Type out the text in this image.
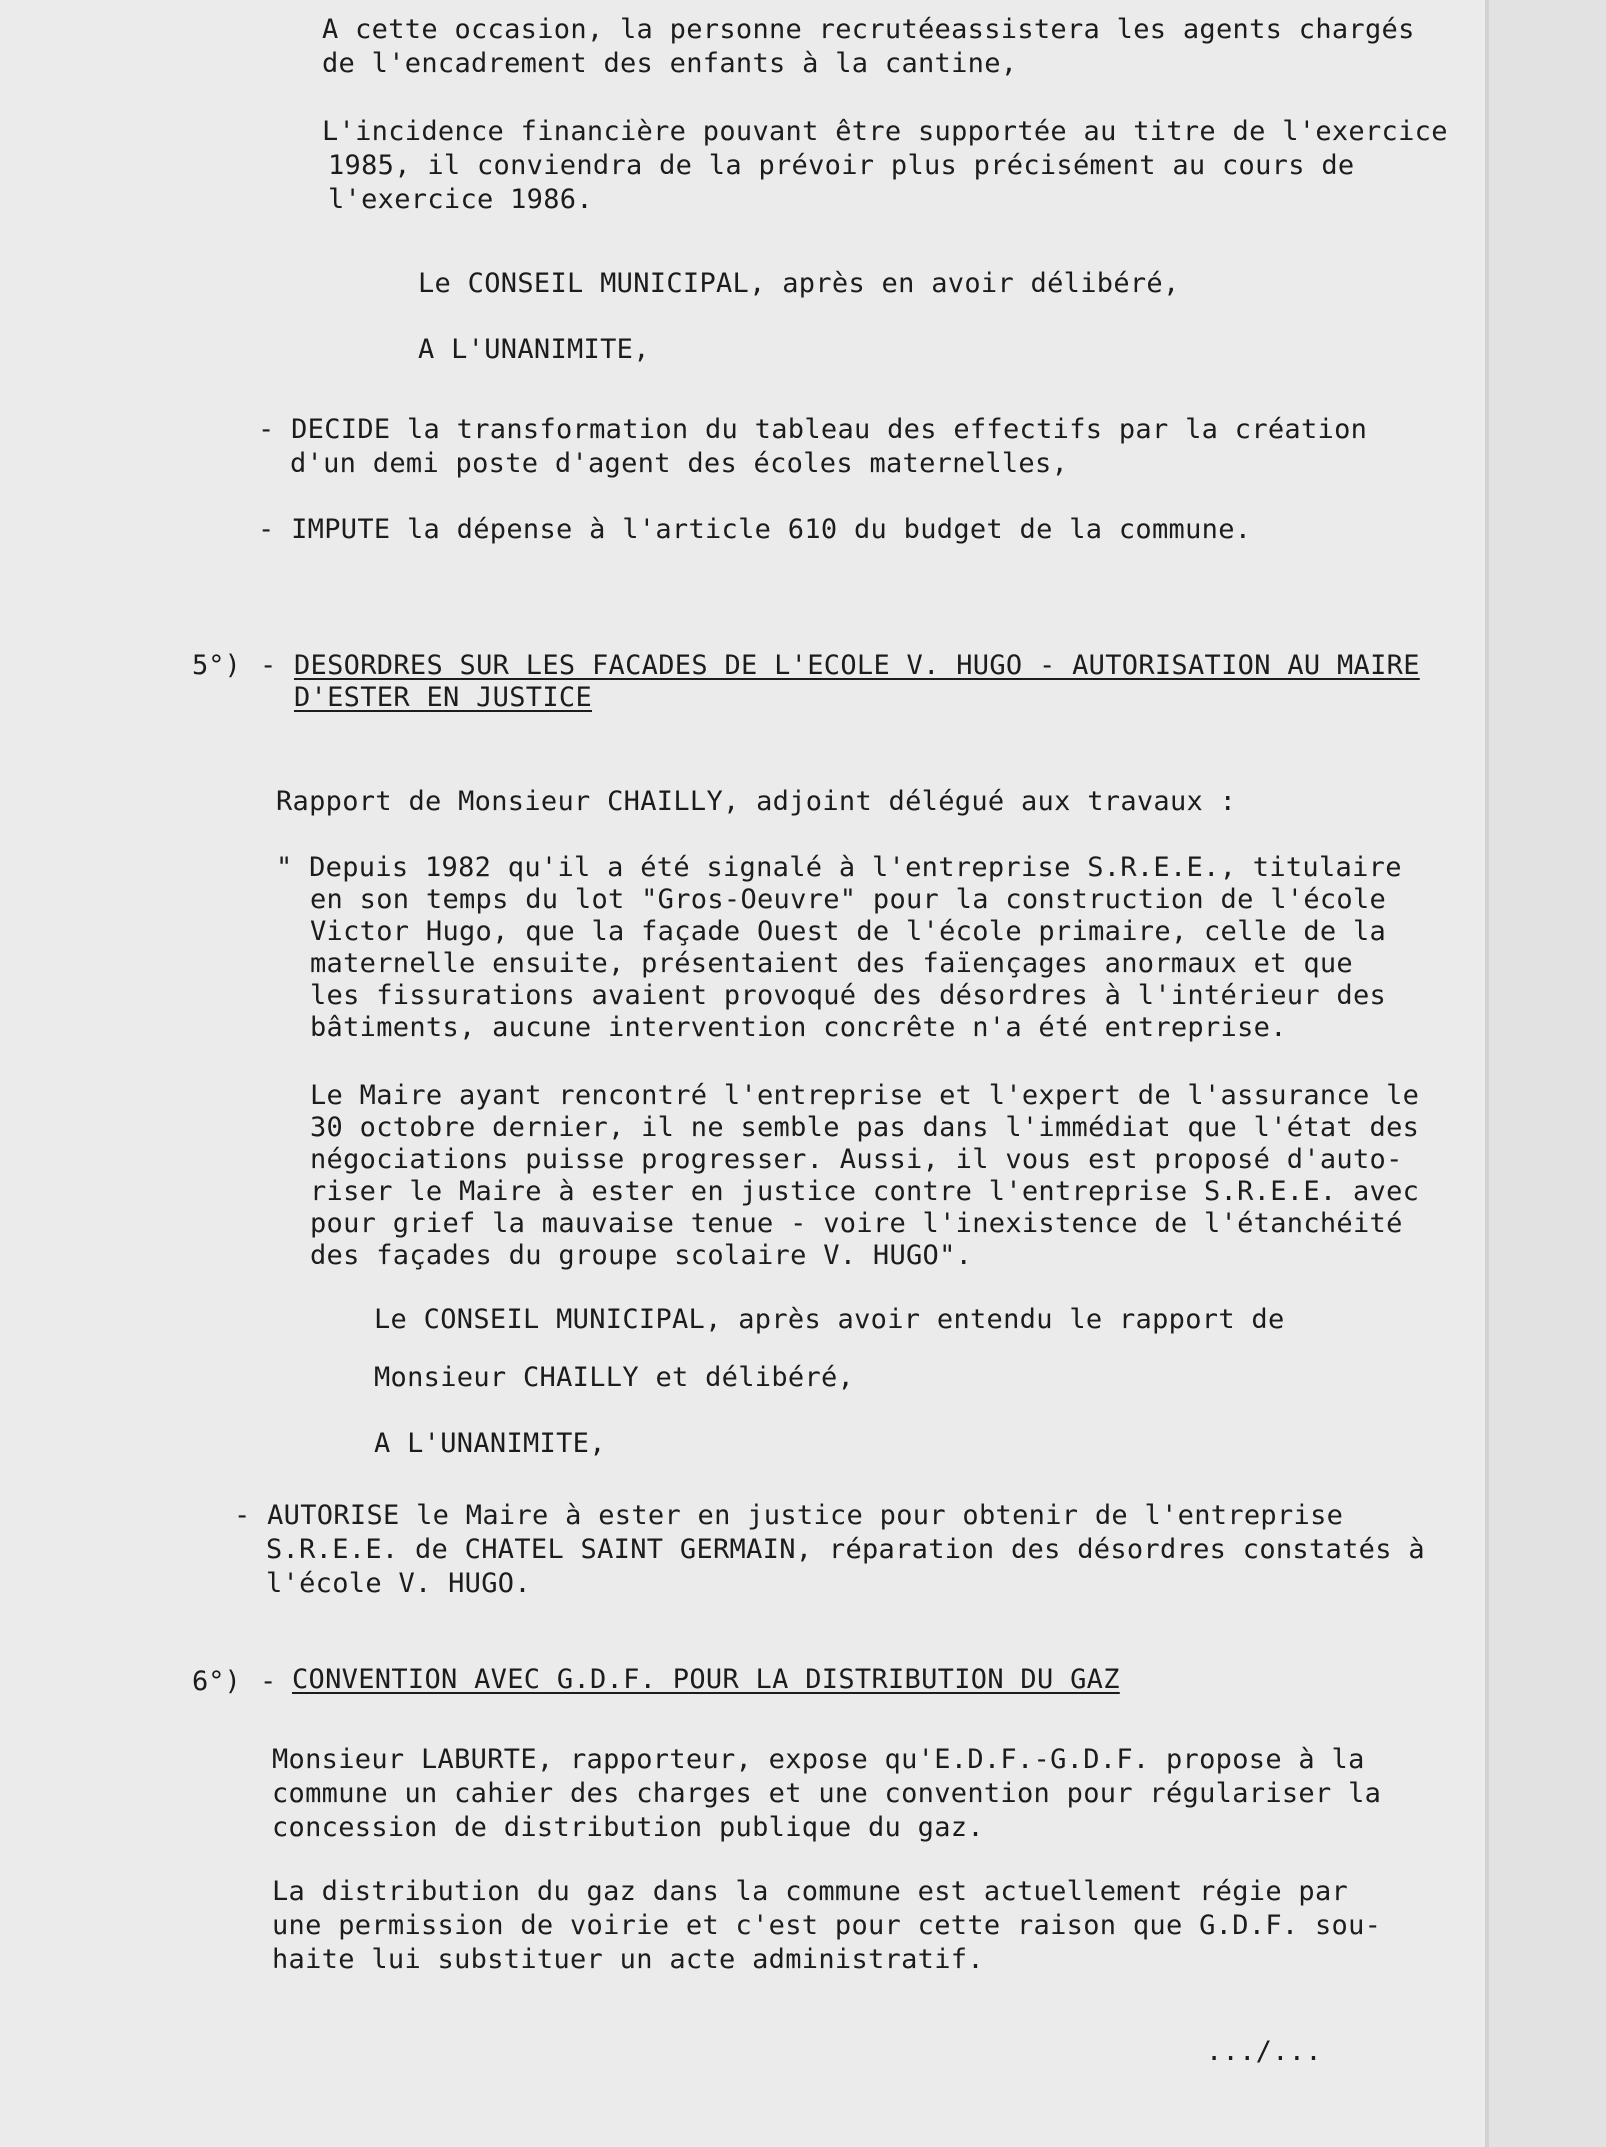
A cette occasion, la personne recrutéeassistera les agents chargés
de l'encadrement des enfants à la cantine,
L'incidence financière pouvant être supportée au titre de l'exercice
1985, il conviendra de la prévoir plus précisément au cours de
l'exercice 1986.
Le CONSEIL MUNICIPAL, après en avoir délibéré,
A L'UNANIMITE,
- DECIDE la transformation du tableau des effectifs par la création
d'un demi poste d'agent des écoles maternelles,
- IMPUTE la dépense à l'article 610 du budget de la commune.
5°) - DESORDRES SUR LES FACADES DE L'ECOLE V. HUGO - AUTORISATION AU MAIRE
D'ESTER EN JUSTICE
Rapport de Monsieur CHAILLY, adjoint délégué aux travaux :
" Depuis 1982 qu'il a été signalé à l'entreprise S.R.E.E., titulaire
en son temps du lot "Gros-Oeuvre" pour la construction de l'école
Victor Hugo, que la façade Ouest de l'école primaire, celle de la
maternelle ensuite, présentaient des faïençages anormaux et que
les fissurations avaient provoqué des désordres à l'intérieur des
bâtiments, aucune intervention concrête n'a été entreprise.
Le Maire ayant rencontré l'entreprise et l'expert de l'assurance le
30 octobre dernier, il ne semble pas dans l'immédiat que l'état des
négociations puisse progresser. Aussi, il vous est proposé d'auto-
riser le Maire à ester en justice contre l'entreprise S.R.E.E. avec
pour grief la mauvaise tenue - voire l'inexistence de l'étanchéité
des façades du groupe scolaire V. HUGO".
Le CONSEIL MUNICIPAL, après avoir entendu le rapport de
Monsieur CHAILLY et délibéré,
A L'UNANIMITE,
- AUTORISE le Maire à ester en justice pour obtenir de l'entreprise
S.R.E.E. de CHATEL SAINT GERMAIN, réparation des désordres constatés à
l'école V. HUGO.
6°) - CONVENTION AVEC G.D.F. POUR LA DISTRIBUTION DU GAZ
Monsieur LABURTE, rapporteur, expose qu'E.D.F.-G.D.F. propose à la
commune un cahier des charges et une convention pour régulariser la
concession de distribution publique du gaz.
La distribution du gaz dans la commune est actuellement régie par
une permission de voirie et c'est pour cette raison que G.D.F. sou-
haite lui substituer un acte administratif.
.../...
